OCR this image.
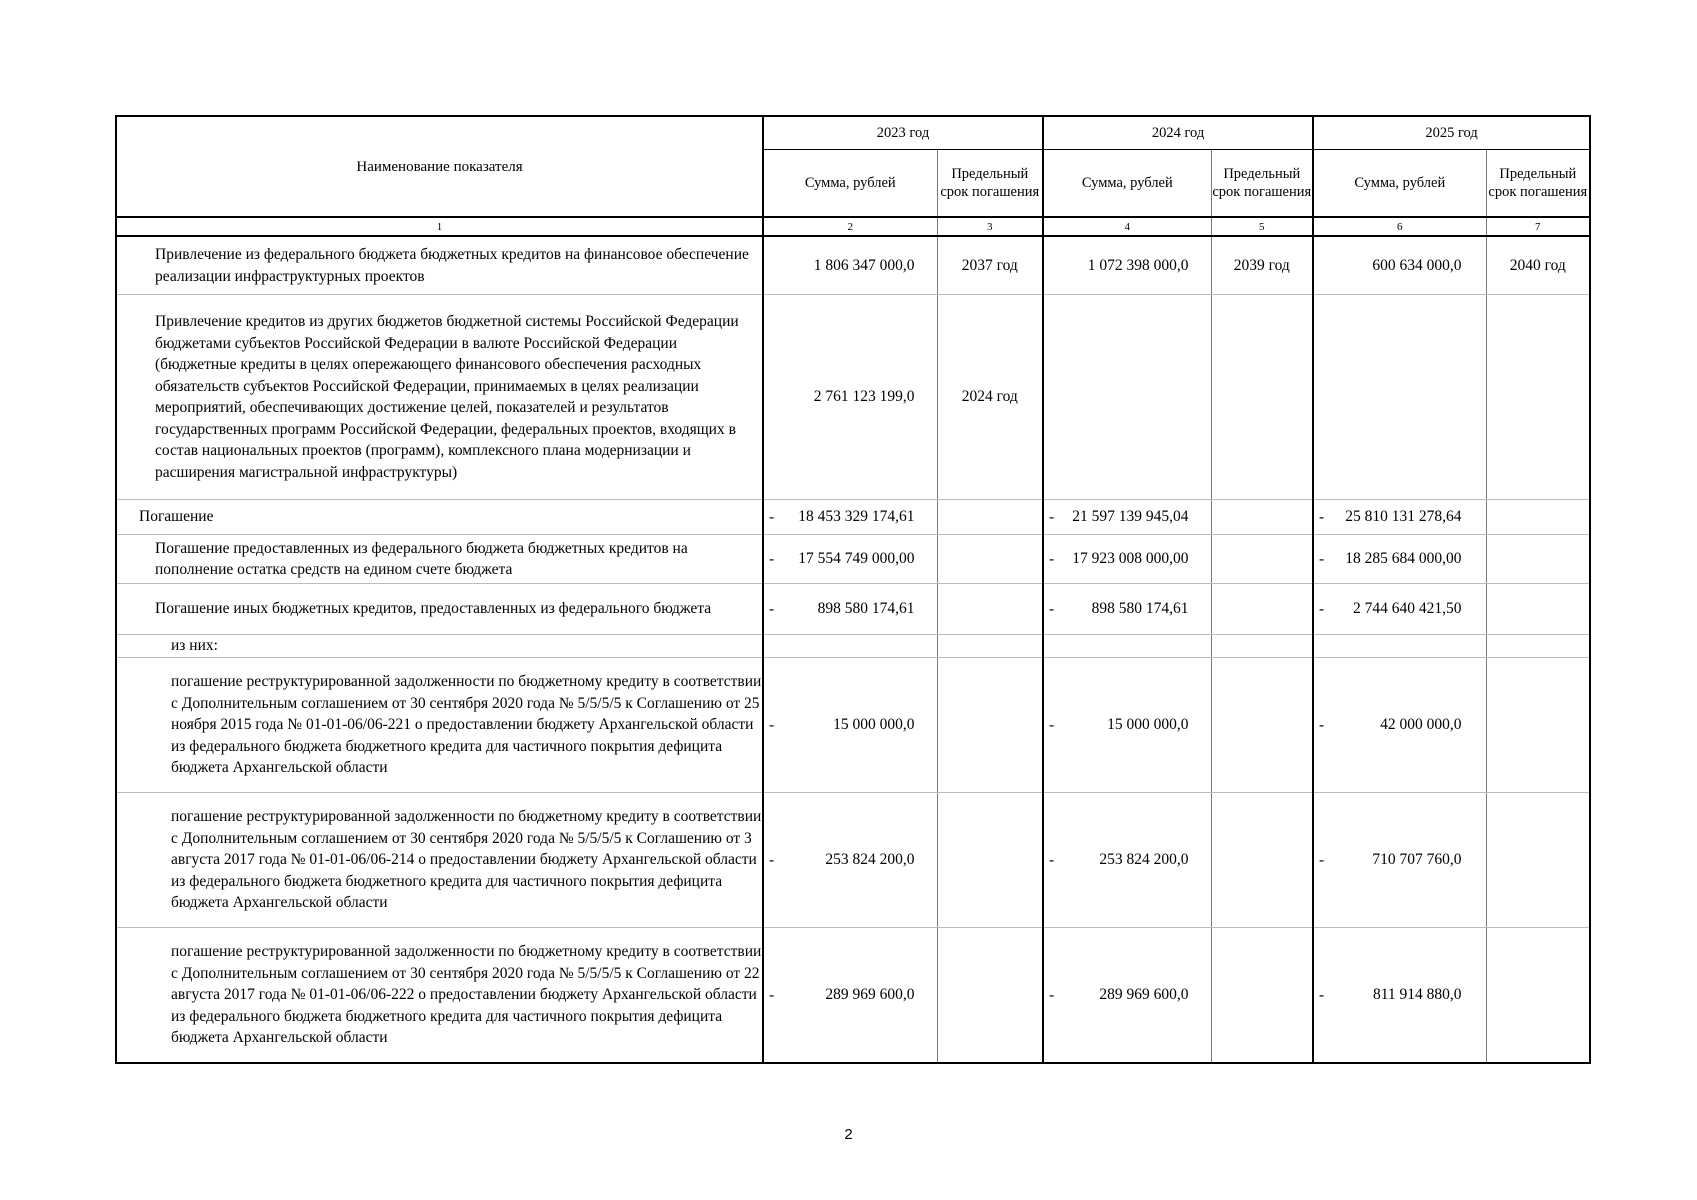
Наименование показателя	2023 год		2024 год		2025 год	
	Сумма, рублей	Предельный срок погашения	Сумма, рублей	Предельный срок погашения	Сумма, рублей	Предельный срок погашения
1	2	3	4	5	6	7
Привлечение из федерального бюджета бюджетных кредитов на финансовое обеспечение реализации инфраструктурных проектов	1 806 347 000,0	2037 год	1 072 398 000,0	2039 год	600 634 000,0	2040 год
Привлечение кредитов из других бюджетов бюджетной системы Российской Федерации бюджетами субъектов Российской Федерации в валюте Российской Федерации (бюджетные кредиты в целях опережающего финансового обеспечения расходных обязательств субъектов Российской Федерации, принимаемых в целях реализации мероприятий, обеспечивающих достижение целей, показателей и результатов государственных программ Российской Федерации, федеральных проектов, входящих в состав национальных проектов (программ), комплексного плана модернизации и расширения магистральной инфраструктуры)	2 761 123 199,0	2024 год	

Погашение	- 18 453 329 174,61		- 21 597 139 945,04		- 25 810 131 278,64	
Погашение предоставленных из федерального бюджета бюджетных кредитов на пополнение остатка средств на едином счете бюджета	- 17 554 749 000,00		- 17 923 008 000,00		- 18 285 684 000,00	
Погашение иных бюджетных кредитов, предоставленных из федерального бюджета	- 898 580 174,61		- 898 580 174,61		- 2 744 640 421,50	
из них:	

погашение реструктурированной задолженности по бюджетному кредиту в соответствии с Дополнительным соглашением от 30 сентября 2020 года № 5/5/5/5 к Соглашению от 25 ноября 2015 года № 01-01-06/06-221 о предоставлении бюджету Архангельской области из федерального бюджета бюджетного кредита для частичного покрытия дефицита бюджета Архангельской области	- 15 000 000,0		- 15 000 000,0		- 42 000 000,0	
погашение реструктурированной задолженности по бюджетному кредиту в соответствии с Дополнительным соглашением от 30 сентября 2020 года № 5/5/5/5 к Соглашению от 3 августа 2017 года № 01-01-06/06-214 о предоставлении бюджету Архангельской области из федерального бюджета бюджетного кредита для частичного покрытия дефицита бюджета Архангельской области	- 253 824 200,0		- 253 824 200,0		- 710 707 760,0	
погашение реструктурированной задолженности по бюджетному кредиту в соответствии с Дополнительным соглашением от 30 сентября 2020 года № 5/5/5/5 к Соглашению от 22 августа 2017 года № 01-01-06/06-222 о предоставлении бюджету Архангельской области из федерального бюджета бюджетного кредита для частичного покрытия дефицита бюджета Архангельской области	- 289 969 600,0		- 289 969 600,0		- 811 914 880,0	
2
